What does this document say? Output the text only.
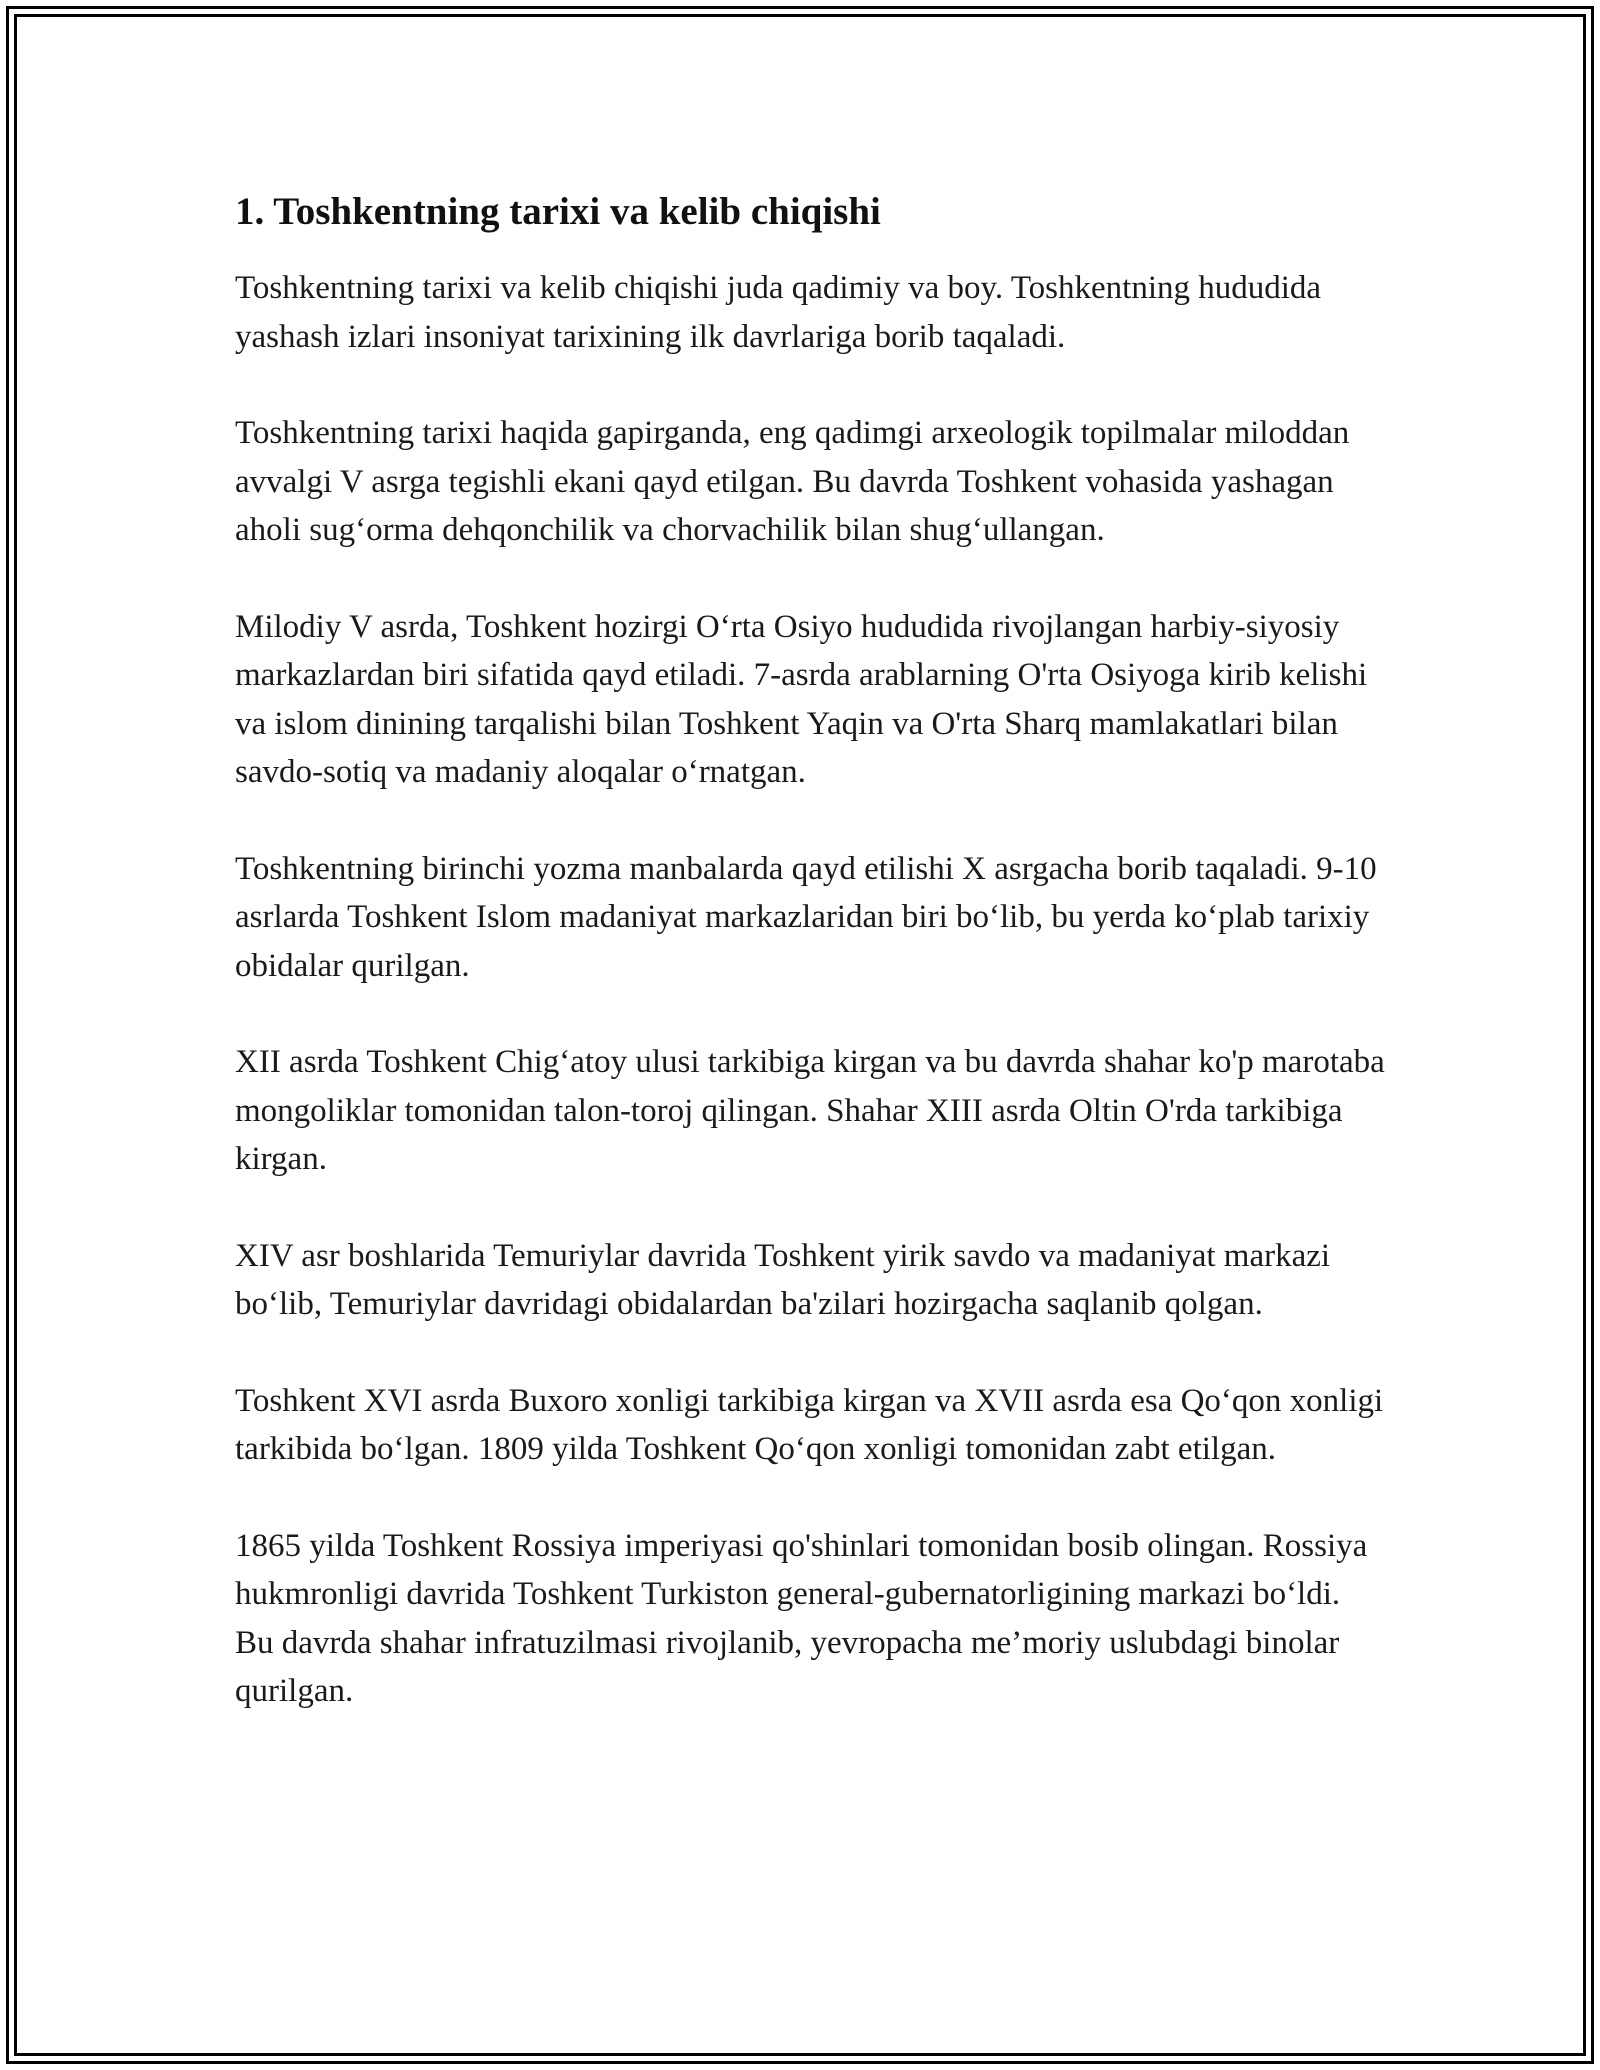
1. Toshkentning tarixi va kelib chiqishi

Toshkentning tarixi va kelib chiqishi juda qadimiy va boy. Toshkentning hududida yashash izlari insoniyat tarixining ilk davrlariga borib taqaladi.

Toshkentning tarixi haqida gapirganda, eng qadimgi arxeologik topilmalar miloddan avvalgi V asrga tegishli ekani qayd etilgan. Bu davrda Toshkent vohasida yashagan aholi sug‘orma dehqonchilik va chorvachilik bilan shug‘ullangan.

Milodiy V asrda, Toshkent hozirgi O‘rta Osiyo hududida rivojlangan harbiy-siyosiy markazlardan biri sifatida qayd etiladi. 7-asrda arablarning O'rta Osiyoga kirib kelishi va islom dinining tarqalishi bilan Toshkent Yaqin va O'rta Sharq mamlakatlari bilan savdo-sotiq va madaniy aloqalar o‘rnatgan.

Toshkentning birinchi yozma manbalarda qayd etilishi X asrgacha borib taqaladi. 9-10 asrlarda Toshkent Islom madaniyat markazlaridan biri bo‘lib, bu yerda ko‘plab tarixiy obidalar qurilgan.

XII asrda Toshkent Chig‘atoy ulusi tarkibiga kirgan va bu davrda shahar ko'p marotaba mongoliklar tomonidan talon-toroj qilingan. Shahar XIII asrda Oltin O'rda tarkibiga kirgan.

XIV asr boshlarida Temuriylar davrida Toshkent yirik savdo va madaniyat markazi bo‘lib, Temuriylar davridagi obidalardan ba'zilari hozirgacha saqlanib qolgan.

Toshkent XVI asrda Buxoro xonligi tarkibiga kirgan va XVII asrda esa Qo‘qon xonligi tarkibida bo‘lgan. 1809 yilda Toshkent Qo‘qon xonligi tomonidan zabt etilgan.

1865 yilda Toshkent Rossiya imperiyasi qo'shinlari tomonidan bosib olingan. Rossiya hukmronligi davrida Toshkent Turkiston general-gubernatorligining markazi bo‘ldi. Bu davrda shahar infratuzilmasi rivojlanib, yevropacha me’moriy uslubdagi binolar qurilgan.
